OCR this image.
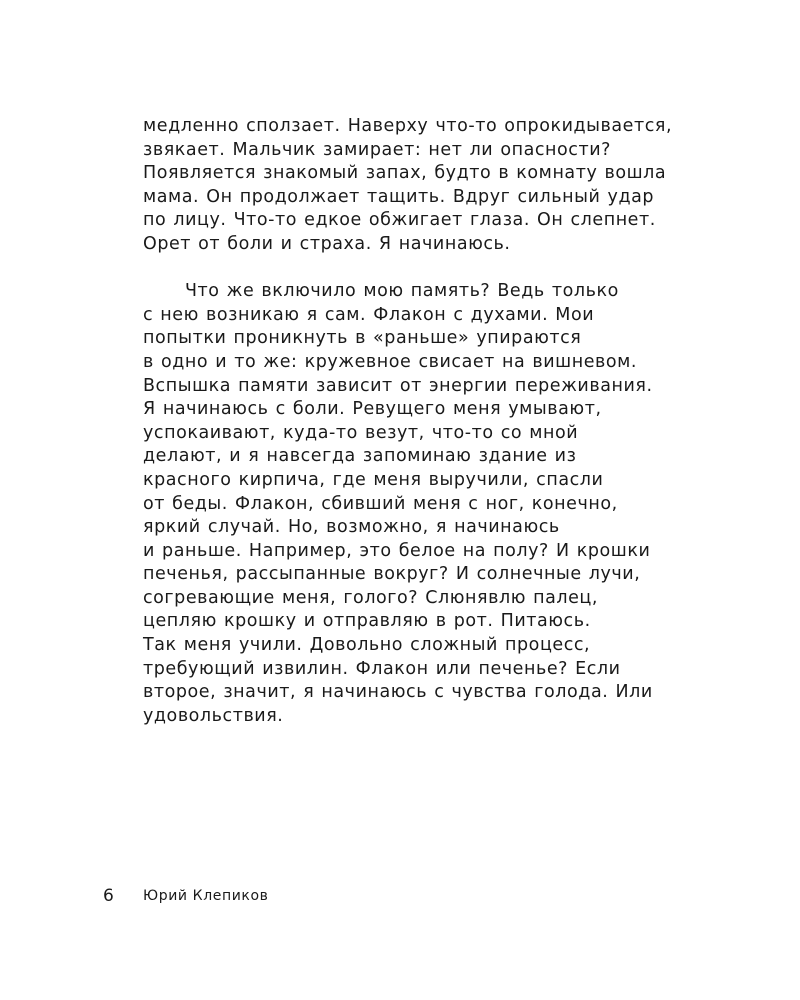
медленно сползает. Наверху что-то опрокидывается,
звякает. Мальчик замирает: нет ли опасности?
Появляется знакомый запах, будто в комнату вошла
мама. Он продолжает тащить. Вдруг сильный удар
по лицу. Что-то едкое обжигает глаза. Он слепнет.
Орет от боли и страха. Я начинаюсь.
Что же включило мою память? Ведь только
с нею возникаю я сам. Флакон с духами. Мои
попытки проникнуть в «раньше» упираются
в одно и то же: кружевное свисает на вишневом.
Вспышка памяти зависит от энергии переживания.
Я начинаюсь с боли. Ревущего меня умывают,
успокаивают, куда-то везут, что-то со мной
делают, и я навсегда запоминаю здание из
красного кирпича, где меня выручили, спасли
от беды. Флакон, сбивший меня с ног, конечно,
яркий случай. Но, возможно, я начинаюсь
и раньше. Например, это белое на полу? И крошки
печенья, рассыпанные вокруг? И солнечные лучи,
согревающие меня, голого? Слюнявлю палец,
цепляю крошку и отправляю в рот. Питаюсь.
Так меня учили. Довольно сложный процесс,
требующий извилин. Флакон или печенье? Если
второе, значит, я начинаюсь с чувства голода. Или
удовольствия.
6 Юрий Клепиков
